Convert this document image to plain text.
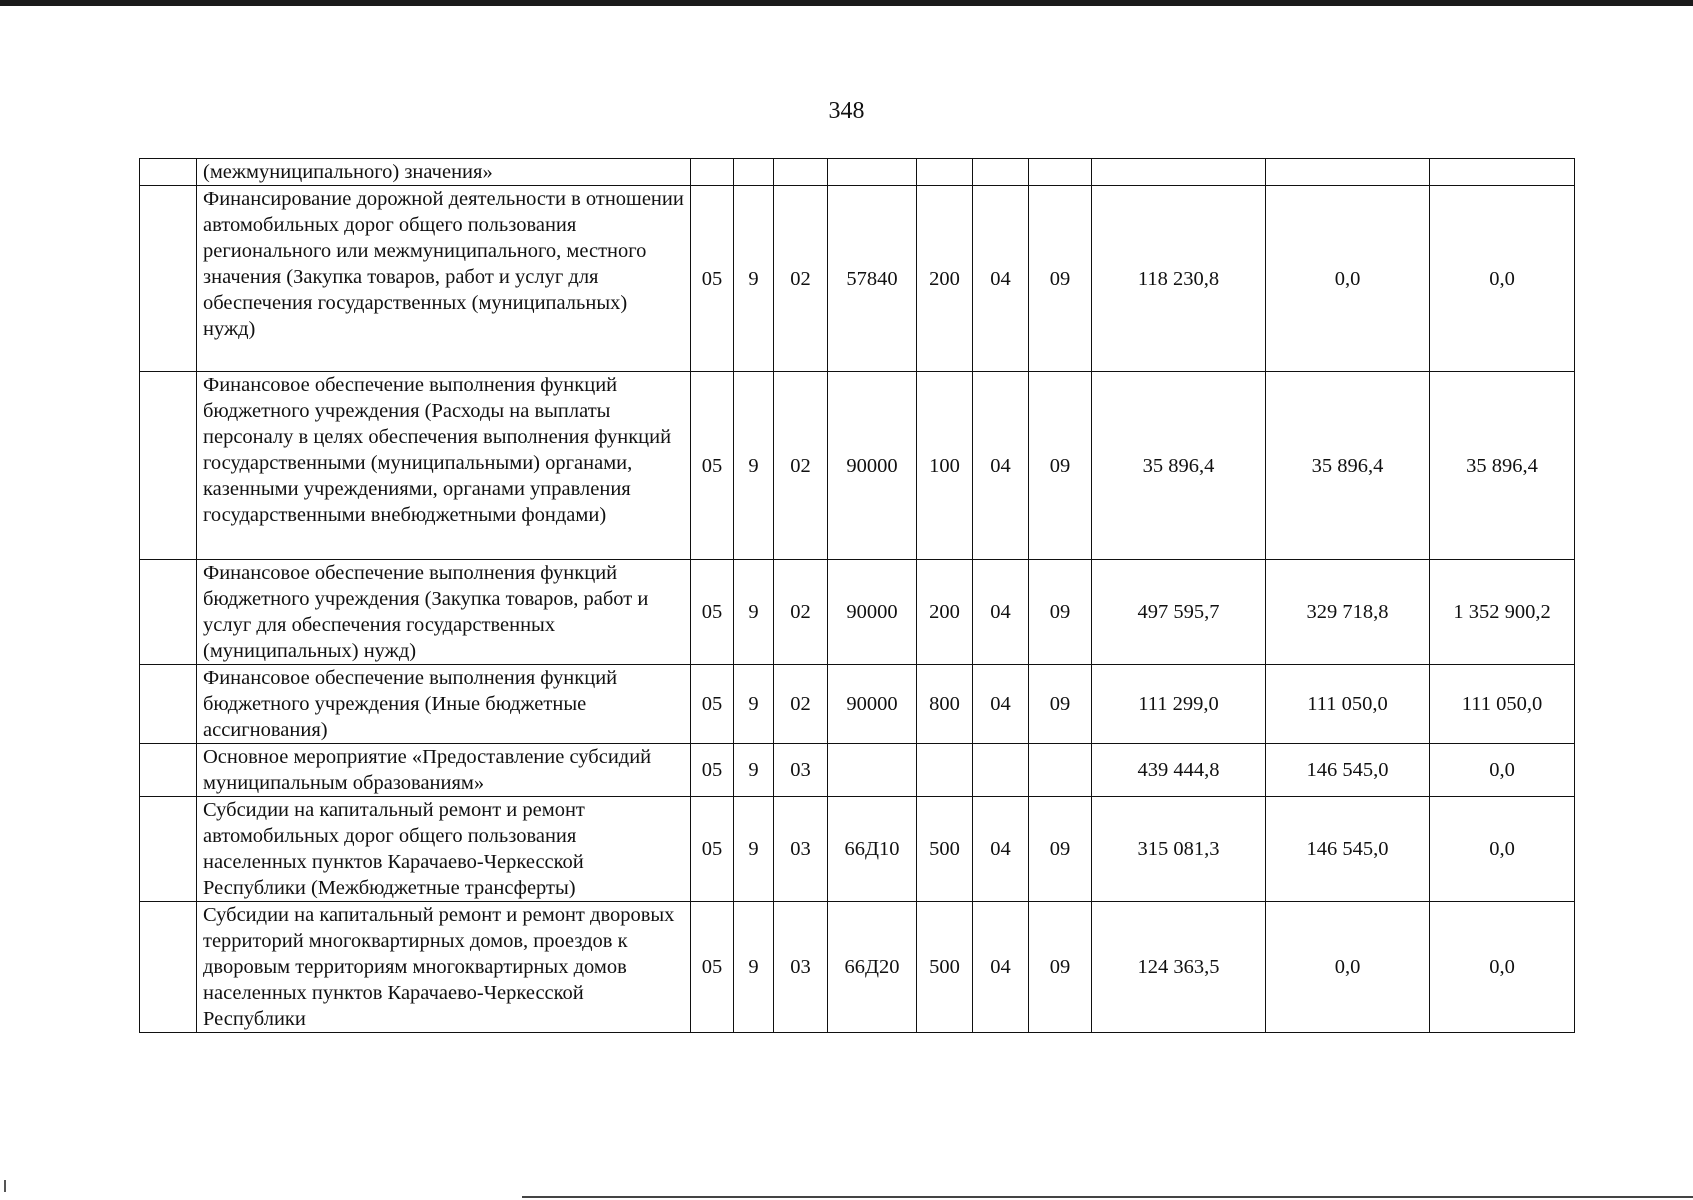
348
	(межмуниципального) значения»										
	Финансирование дорожной деятельности в отношении автомобильных дорог общего пользования регионального или межмуниципального, местного значения (Закупка товаров, работ и услуг для обеспечения государственных (муниципальных) нужд)	05	9	02	57840	200	04	09	118 230,8	0,0	0,0
	Финансовое обеспечение выполнения функций бюджетного учреждения (Расходы на выплаты персоналу в целях обеспечения выполнения функций государственными (муниципальными) органами, казенными учреждениями, органами управления государственными внебюджетными фондами)	05	9	02	90000	100	04	09	35 896,4	35 896,4	35 896,4
	Финансовое обеспечение выполнения функций бюджетного учреждения (Закупка товаров, работ и услуг для обеспечения государственных (муниципальных) нужд)	05	9	02	90000	200	04	09	497 595,7	329 718,8	1 352 900,2
	Финансовое обеспечение выполнения функций бюджетного учреждения (Иные бюджетные ассигнования)	05	9	02	90000	800	04	09	111 299,0	111 050,0	111 050,0
	Основное мероприятие «Предоставление субсидий муниципальным образованиям»	05	9	03					439 444,8	146 545,0	0,0
	Субсидии на капитальный ремонт и ремонт автомобильных дорог общего пользования населенных пунктов Карачаево-Черкесской Республики (Межбюджетные трансферты)	05	9	03	66Д10	500	04	09	315 081,3	146 545,0	0,0
	Субсидии на капитальный ремонт и ремонт дворовых территорий многоквартирных домов, проездов к дворовым территориям многоквартирных домов населенных пунктов Карачаево-Черкесской Республики	05	9	03	66Д20	500	04	09	124 363,5	0,0	0,0
